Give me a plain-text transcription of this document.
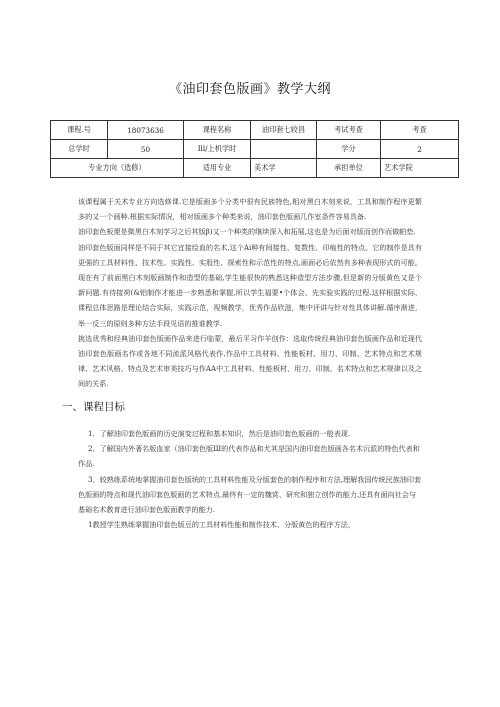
《油印套色版画》教学大纲
课程.号	18073636	课程名称	油印套七较昌	考试考查	考查
总学时	50	Ill/上机学时		学分	2
专业方向（选修）		适用专业	美术学	承担单位	艺术学院

该课程属于关术专业方向选修课.它是版画多个分类中很有民族特色,相对黑白木刻来说，工具和制作程序更繁多的又一个画种.根据实际情况，相对版画多个种类来说，油印套色版画几作室条件容易具备.

油印套色板便是微黑白木刻学习之后其版β)又一个种类的继续深入和拓展,这也是为后面对版而创作而做帕垫.

油印套色版面同样是不同于其它宜接绘血的名术,这个Ai种有间接性、复数性、印痕性的特点。它的制作是具有更强的工具材料性、技术性、实践性、实股性、探索性和示范性的特点,画面必后依然有多种表现形式的可能。现在有了前面黑白木刻版画制作和造型的基础,学生能很快的熟悉这种造型方法步骤,但是新的分版黄色又是个新问题.有待接荷(&铝制作才能进一步熟悉和掌握,所以学生福要•个体会、先实验实践的过程.这样根据实际，课程总体思路是理论结合实际，实践示范，视频教学，优秀作品欣滋，集中评讲与针对性具体讲解.循序渐进，举一反三的原则多种方法手段见语的推谁教学.

挑选优秀和经典油印套色版画作品来进行临蒙，最后平习作羊创作：选取传统经典油印套色版画作品和近现代油印套色版画名作或各地不同流派风格代表作,作品中工具材料、性能板材、用刀、印制、艺术特点和艺术规律、艺术风格、特点及艺术审美技巧与作AA中工具材料、性能板材、用刀、印制、名术特点和艺术规律以及之间的关系.

一、课程目标

1．了解油印套色版画的历史演变过程和基本知识，然后是油印套色版画的一般表现.

2．了解国内外著名版血家（油印套色版Ш的代表作品和尤其是国内油印套色版画各名术沅派的特色代表和作品.

3．较熟练系统地掌握油印套色版统的工具材料性能及分版套色的制作程序和方法,理解我国传统民族油印套色版画的特点和现代油印套色版画的艺术特点.最终有一定的魏赏、研究和独立创作的能力,还具有面向社会与基础名术教育进行油印套色版面教学的能力.

1教授学生熟练掌握油印套色版豆的工具材料性能和制作技术、分版黄色的程序方法，
